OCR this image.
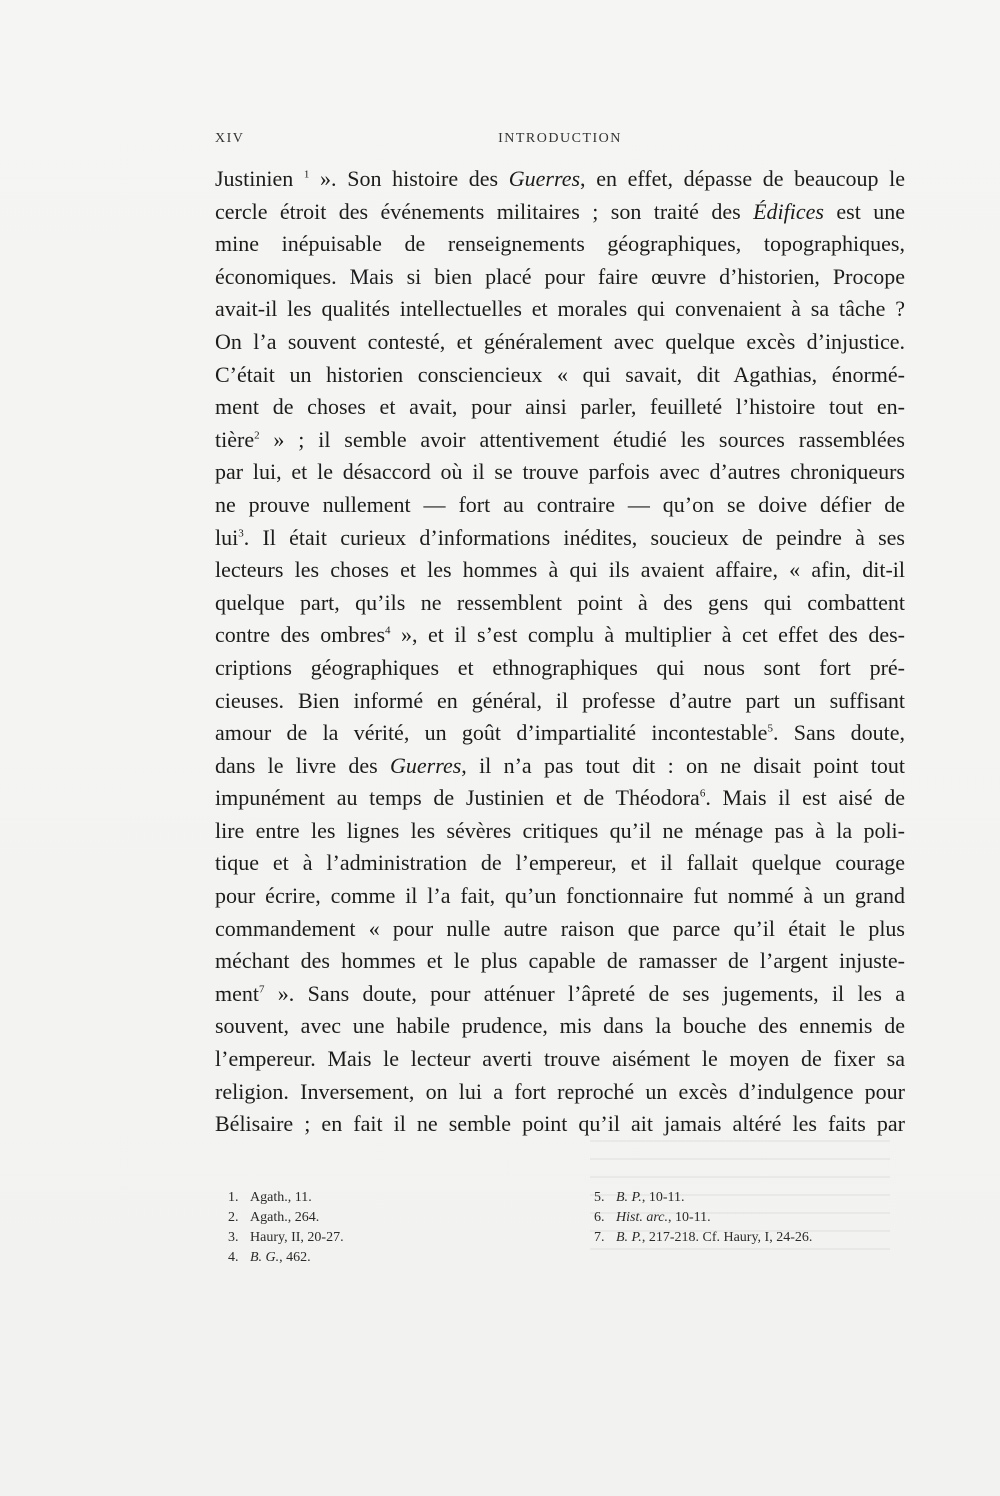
XIV	INTRODUCTION
Justinien $^1$ ». Son histoire des Guerres, en effet, dépasse de beaucoup le
cercle étroit des événements militaires ; son traité des Édifices est une
mine inépuisable de renseignements géographiques, topographiques,
économiques. Mais si bien placé pour faire œuvre d’historien, Procope
avait-il les qualités intellectuelles et morales qui convenaient à sa tâche ?
On l’a souvent contesté, et généralement avec quelque excès d’injustice.
C’était un historien consciencieux « qui savait, dit Agathias, énormé-
ment de choses et avait, pour ainsi parler, feuilleté l’histoire tout en-
tière$^2$ » ; il semble avoir attentivement étudié les sources rassemblées
par lui, et le désaccord où il se trouve parfois avec d’autres chroniqueurs
ne prouve nullement — fort au contraire — qu’on se doive défier de
lui$^3$. Il était curieux d’informations inédites, soucieux de peindre à ses
lecteurs les choses et les hommes à qui ils avaient affaire, « afin, dit-il
quelque part, qu’ils ne ressemblent point à des gens qui combattent
contre des ombres$^4$ », et il s’est complu à multiplier à cet effet des des-
criptions géographiques et ethnographiques qui nous sont fort pré-
cieuses. Bien informé en général, il professe d’autre part un suffisant
amour de la vérité, un goût d’impartialité incontestable$^5$. Sans doute,
dans le livre des Guerres, il n’a pas tout dit : on ne disait point tout
impunément au temps de Justinien et de Théodora$^6$. Mais il est aisé de
lire entre les lignes les sévères critiques qu’il ne ménage pas à la poli-
tique et à l’administration de l’empereur, et il fallait quelque courage
pour écrire, comme il l’a fait, qu’un fonctionnaire fut nommé à un grand
commandement « pour nulle autre raison que parce qu’il était le plus
méchant des hommes et le plus capable de ramasser de l’argent injuste-
ment$^7$ ». Sans doute, pour atténuer l’âpreté de ses jugements, il les a
souvent, avec une habile prudence, mis dans la bouche des ennemis de
l’empereur. Mais le lecteur averti trouve aisément le moyen de fixer sa
religion. Inversement, on lui a fort reproché un excès d’indulgence pour
Bélisaire ; en fait il ne semble point qu’il ait jamais altéré les faits par
1. Agath., 11.
2. Agath., 264.
3. Haury, II, 20-27.
4. B. G., 462.
5. B. P., 10-11.
6. Hist. arc., 10-11.
7. B. P., 217-218. Cf. Haury, I, 24-26.
